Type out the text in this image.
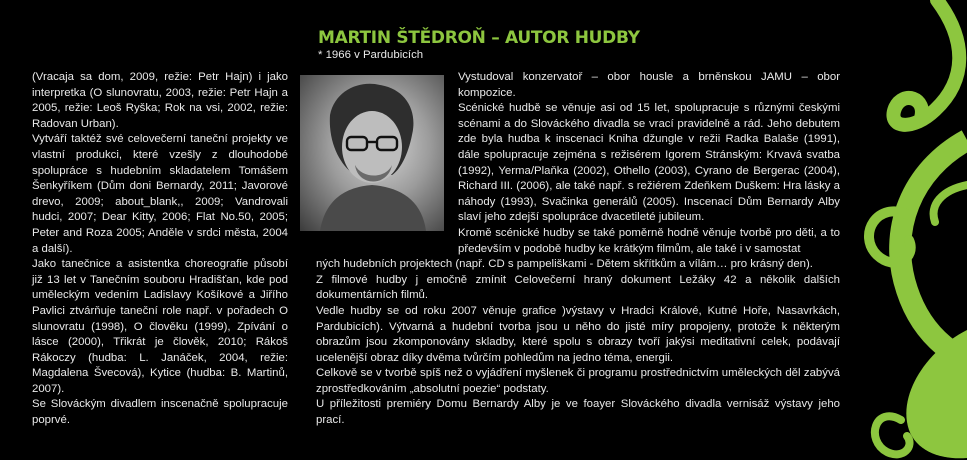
(Vracaja sa dom, 2009, režie: Petr Hajn) i jako interpretka (O slunovratu, 2003, režie: Petr Hajn a 2005, režie: Leoš Ryška; Rok na vsi, 2002, režie: Radovan Urban).

Vytváří taktéž své celovečerní taneční projekty ve vlastní produkci, které vzešly z dlouhodobé spolupráce s hudebním skladatelem Tomášem Šenkyříkem (Dům doni Bernardy, 2011; Javorové drevo, 2009; about_blank,, 2009; Vandrovali hudci, 2007; Dear Kitty, 2006; Flat No.50, 2005; Peter and Roza 2005; Anděle v srdci města, 2004 a další).

Jako tanečnice a asistentka choreografie působí již 13 let v Tanečním souboru Hradišťan, kde pod uměleckým vedením Ladislavy Košíkové a Jiřího Pavlici ztvárňuje taneční role např. v pořadech O slunovratu (1998), O člověku (1999), Zpívání o lásce (2000), Třikrát je člověk, 2010; Rákoš Rákoczy (hudba: L. Janáček, 2004, režie: Magdalena Švecová), Kytice (hudba: B. Martinů, 2007).

Se Slováckým divadlem inscenačně spolupracuje poprvé.

MARTIN ŠTĚDROŇ – AUTOR HUDBY
* 1966 v Pardubicích

Vystudoval konzervatoř – obor housle a brněnskou JAMU – obor kompozice.

Scénické hudbě se věnuje asi od 15 let, spolupracuje s různými českými scénami a do Slováckého divadla se vrací pravidelně a rád. Jeho debutem zde byla hudba k inscenaci Kniha džungle v režii Radka Balaše (1991), dále spolupracuje zejména s režisérem Igorem Stránským: Krvavá svatba (1992), Yerma/Plaňka (2002), Othello (2003), Cyrano de Bergerac (2004), Richard III. (2006), ale také např. s režiérem Zdeňkem Duškem: Hra lásky a náhody (1993), Svačinka generálů (2005). Inscenací Dům Bernardy Alby slaví jeho zdejší spolupráce dvacetileté jubileum.

Kromě scénické hudby se také poměrně hodně věnuje tvorbě pro děti, a to především v podobě hudby ke krátkým filmům, ale také i v samostat

ných hudebních projektech (např. CD s pampeliškami - Dětem skřítkům a vílám… pro krásný den).

Z filmové hudby j emočně zmínit Celovečerní hraný dokument Ležáky 42 a několik dalších dokumentárních filmů.

Vedle hudby se od roku 2007 věnuje grafice )výstavy v Hradci Králové, Kutné Hoře, Nasavrkách, Pardubicích). Výtvarná a hudební tvorba jsou u něho do jisté míry propojeny, protože k některým obrazům jsou zkomponovány skladby, které spolu s obrazy tvoří jakýsi meditativní celek, podávají ucelenější obraz díky dvěma tvůrčím pohledům na jedno téma, energii.

Celkově se v tvorbě spíš než o vyjádření myšlenek či programu prostřednictvím uměleckých děl zabývá zprostředkováním „absolutní poezie“ podstaty.

U příležitosti premiéry Domu Bernardy Alby je ve foayer Slováckého divadla vernisáž výstavy jeho prací.
